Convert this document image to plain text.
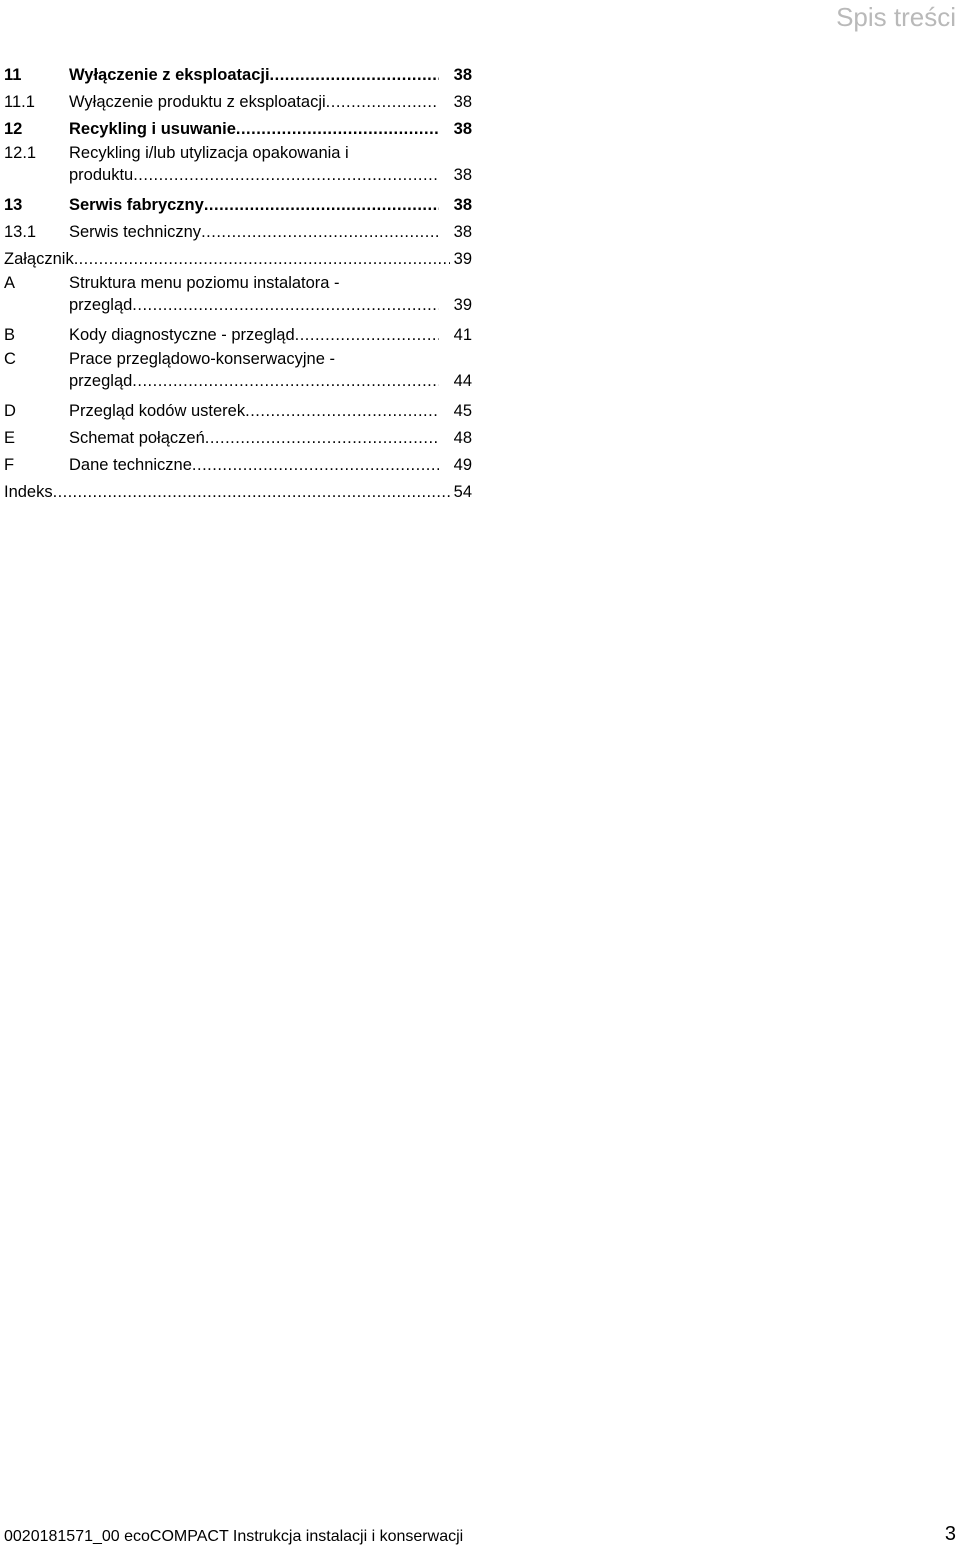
Spis treści
11	Wyłączenie z eksploatacji .....	38
11.1 Wyłączenie produktu z eksploatacji .....	38
12	Recykling i usuwanie .....	38
12.1 Recykling i/lub utylizacja opakowania i
produktu .....	38
13	Serwis fabryczny .....	38
13.1 Serwis techniczny .....	38
Załącznik .....	39
A	Struktura menu poziomu instalatora -
przegląd .....	39
B	Kody diagnostyczne - przegląd .....	41
C	Prace przeglądowo-konserwacyjne -
przegląd .....	44
D	Przegląd kodów usterek .....	45
E	Schemat połączeń .....	48
F	Dane techniczne .....	49
Indeks .....	54
0020181571_00 ecoCOMPACT Instrukcja instalacji i konserwacji	3
